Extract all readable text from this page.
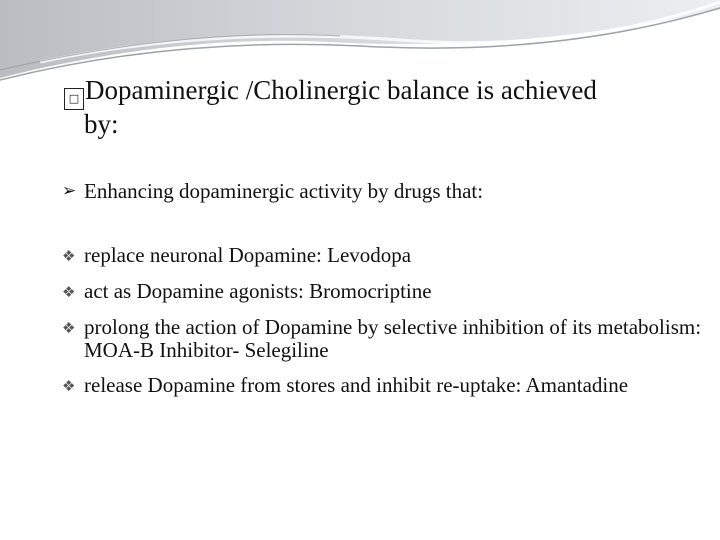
□ Dopaminergic /Cholinergic balance is achieved
by:
➢ Enhancing dopaminergic activity by drugs that:
❖ replace neuronal Dopamine: Levodopa
❖ act as Dopamine agonists: Bromocriptine
❖ prolong the action of Dopamine by selective inhibition of its metabolism: MOA-B Inhibitor- Selegiline
❖ release Dopamine from stores and inhibit re-uptake: Amantadine
